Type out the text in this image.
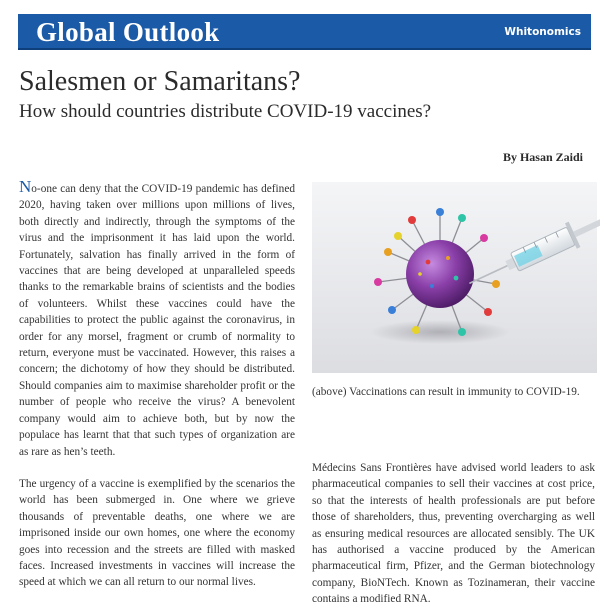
Global Outlook	Whitonomics
Salesmen or Samaritans?
How should countries distribute COVID-19 vaccines?
By Hasan Zaidi

No-one can deny that the COVID-19 pandemic has defined 2020, having taken over millions upon millions of lives, both directly and indirectly, through the symptoms of the virus and the imprisonment it has laid upon the world. Fortunately, salvation has finally arrived in the form of vaccines that are being developed at unparalleled speeds thanks to the remarkable brains of scientists and the bodies of volunteers. Whilst these vaccines could have the capabilities to protect the public against the coronavirus, in order for any morsel, fragment or crumb of normality to return, everyone must be vaccinated. However, this raises a concern; the dichotomy of how they should be distributed. Should companies aim to maximise shareholder profit or the number of people who receive the virus? A benevolent company would aim to achieve both, but by now the populace has learnt that that such types of organization are as rare as hen’s teeth.

The urgency of a vaccine is exemplified by the scenarios the world has been submerged in. One where we grieve thousands of preventable deaths, one where we are imprisoned inside our own homes, one where the economy goes into recession and the streets are filled with masked faces. Increased investments in vaccines will increase the speed at which we can all return to our normal lives.

(above) Vaccinations can result in immunity to COVID-19.

Médecins Sans Frontières have advised world leaders to ask pharmaceutical companies to sell their vaccines at cost price, so that the interests of health professionals are put before those of shareholders, thus, preventing overcharging as well as ensuring medical resources are allocated sensibly. The UK has authorised a vaccine produced by the American pharmaceutical firm, Pfizer, and the German biotechnology company, BioNTech. Known as Tozinameran, their vaccine contains a modified RNA.
